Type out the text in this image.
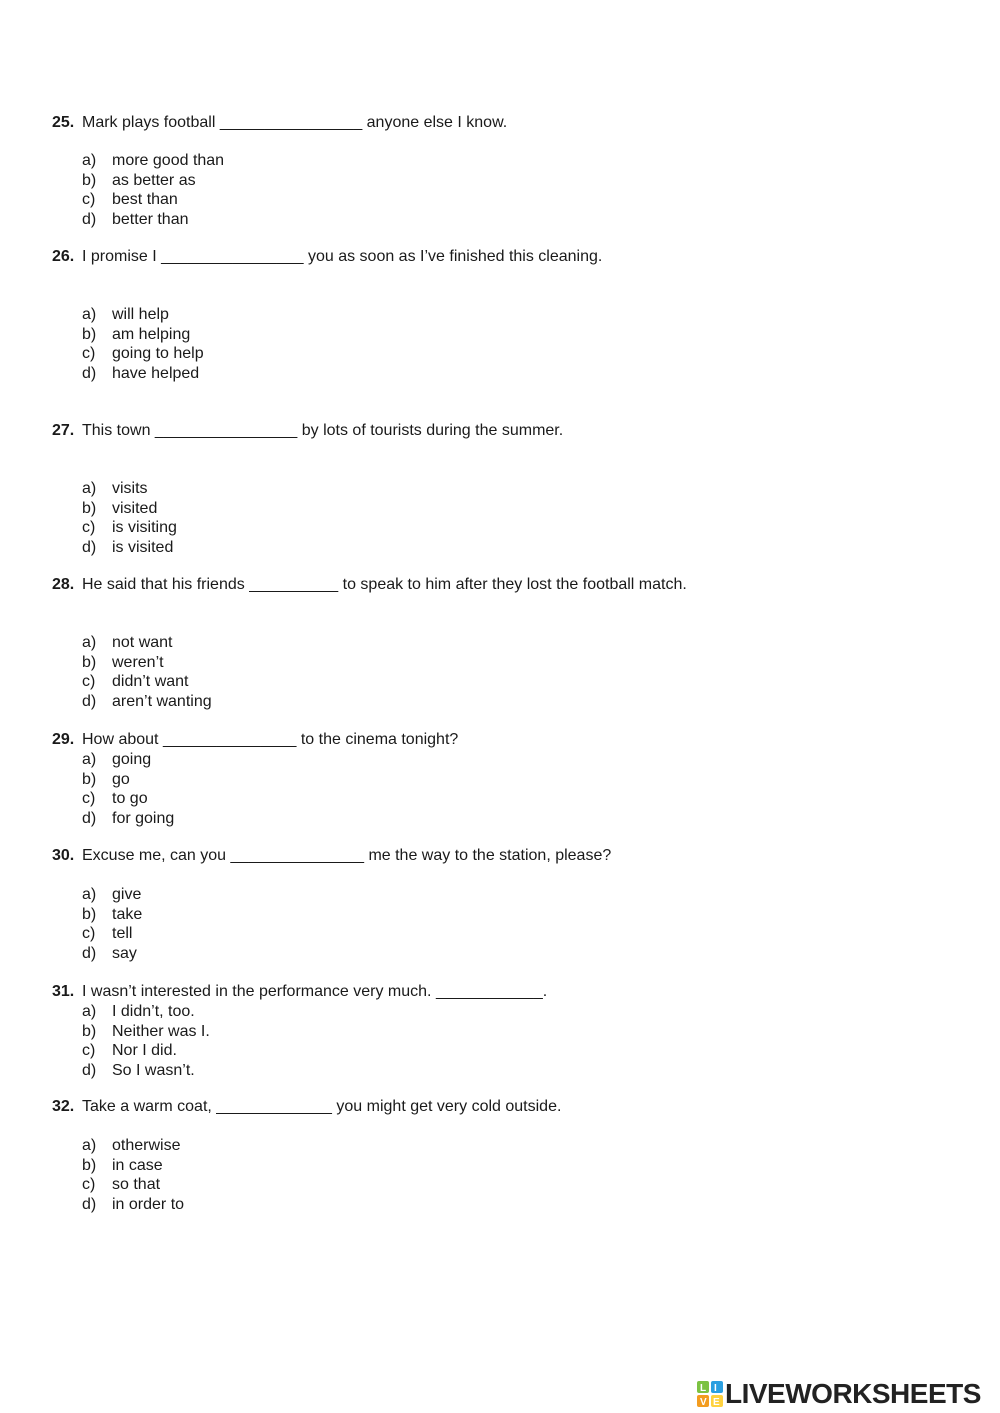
25. Mark plays football ________________ anyone else I know.
a) more good than
b) as better as
c) best than
d) better than
26. I promise I ________________ you as soon as I’ve finished this cleaning.
a) will help
b) am helping
c) going to help
d) have helped
27. This town ________________ by lots of tourists during the summer.
a) visits
b) visited
c) is visiting
d) is visited
28. He said that his friends __________ to speak to him after they lost the football match.
a) not want
b) weren’t
c) didn’t want
d) aren’t wanting
29. How about _______________ to the cinema tonight?
a) going
b) go
c) to go
d) for going
30. Excuse me, can you _______________ me the way to the station, please?
a) give
b) take
c) tell
d) say
31. I wasn’t interested in the performance very much. ____________.
a) I didn’t, too.
b) Neither was I.
c) Nor I did.
d) So I wasn’t.
32. Take a warm coat, _____________ you might get very cold outside.
a) otherwise
b) in case
c) so that
d) in order to
L I
V E LIVEWORKSHEETS
